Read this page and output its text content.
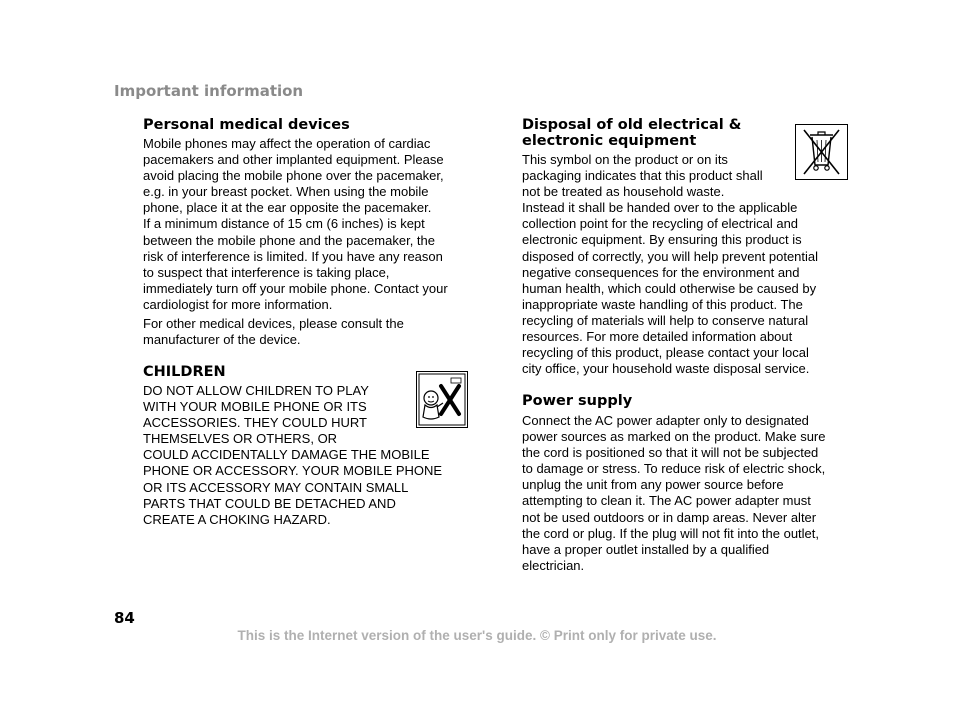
Important information
Personal medical devices
Mobile phones may affect the operation of cardiac
pacemakers and other implanted equipment. Please
avoid placing the mobile phone over the pacemaker,
e.g. in your breast pocket. When using the mobile
phone, place it at the ear opposite the pacemaker.
If a minimum distance of 15 cm (6 inches) is kept
between the mobile phone and the pacemaker, the
risk of interference is limited. If you have any reason
to suspect that interference is taking place,
immediately turn off your mobile phone. Contact your
cardiologist for more information.
For other medical devices, please consult the
manufacturer of the device.
CHILDREN
DO NOT ALLOW CHILDREN TO PLAY
WITH YOUR MOBILE PHONE OR ITS
ACCESSORIES. THEY COULD HURT
THEMSELVES OR OTHERS, OR
COULD ACCIDENTALLY DAMAGE THE MOBILE
PHONE OR ACCESSORY. YOUR MOBILE PHONE
OR ITS ACCESSORY MAY CONTAIN SMALL
PARTS THAT COULD BE DETACHED AND
CREATE A CHOKING HAZARD.
Disposal of old electrical &
electronic equipment
This symbol on the product or on its
packaging indicates that this product shall
not be treated as household waste.
Instead it shall be handed over to the applicable
collection point for the recycling of electrical and
electronic equipment. By ensuring this product is
disposed of correctly, you will help prevent potential
negative consequences for the environment and
human health, which could otherwise be caused by
inappropriate waste handling of this product. The
recycling of materials will help to conserve natural
resources. For more detailed information about
recycling of this product, please contact your local
city office, your household waste disposal service.
Power supply
Connect the AC power adapter only to designated
power sources as marked on the product. Make sure
the cord is positioned so that it will not be subjected
to damage or stress. To reduce risk of electric shock,
unplug the unit from any power source before
attempting to clean it. The AC power adapter must
not be used outdoors or in damp areas. Never alter
the cord or plug. If the plug will not fit into the outlet,
have a proper outlet installed by a qualified
electrician.
84
This is the Internet version of the user's guide. © Print only for private use.
